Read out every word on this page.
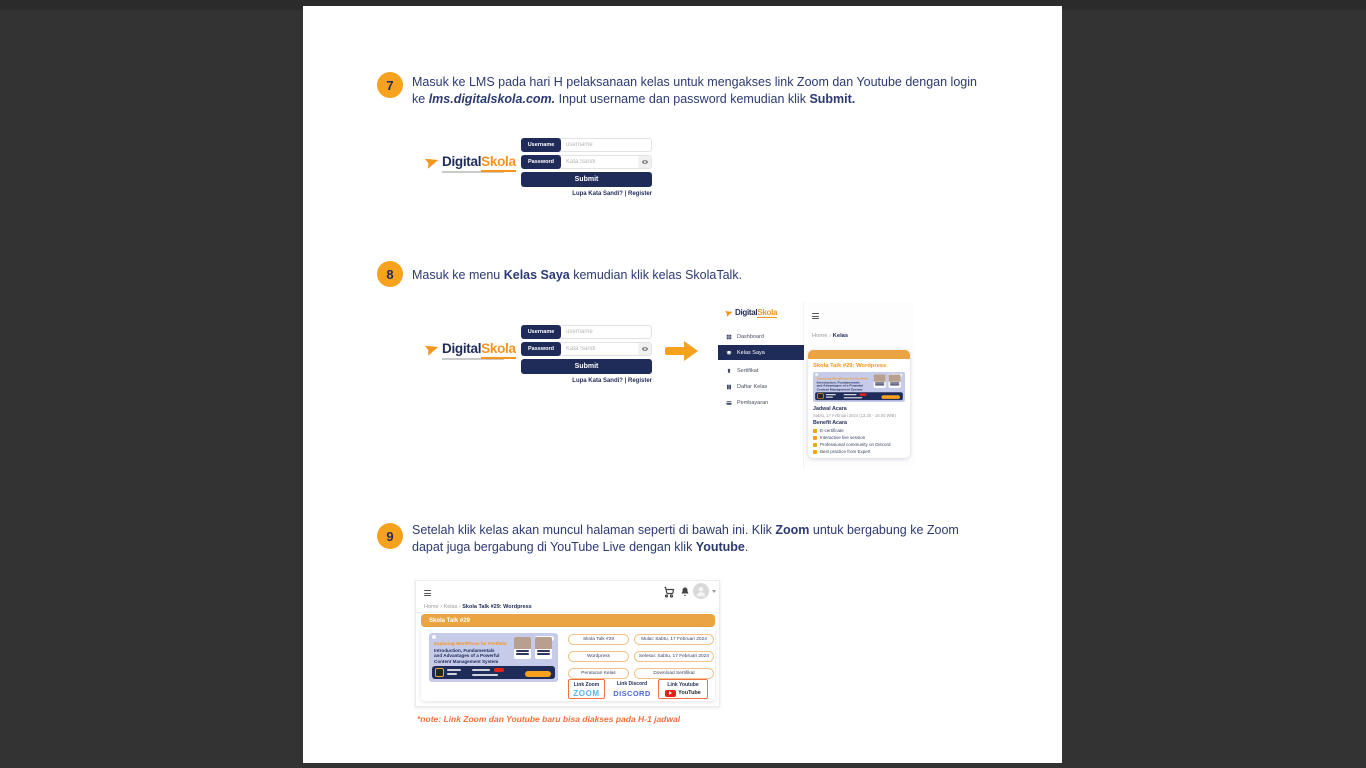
7	Masuk ke LMS pada hari H pelaksanaan kelas untuk mengakses link Zoom dan Youtube dengan login ke lms.digitalskola.com. Input username dan password kemudian klik Submit.
DigitalSkola
Username
username
Password
Kata Sandi
Submit
Lupa Kata Sandi? | Register
8	Masuk ke menu Kelas Saya kemudian klik kelas SkolaTalk.
DigitalSkola
Username
username
Password
Kata Sandi
Submit
Lupa Kata Sandi? | Register
DigitalSkola
Dashboard
Kelas Saya
Sertifikat
Daftar Kelas
Pembayaran
Home › Kelas
Skola Talk #29: Wordpress
Exploring WordPress for Portfolio
Introduction, Fundamentals and Advantages of a Powerful Content Management System
Jadwal Acara
Sabtu, 17 Februari 2024 (13.30 - 16.00 WIB)
Benefit Acara
E-certificate
Interactive live session
Professional community on Discord
Best practice from Expert
9	Setelah klik kelas akan muncul halaman seperti di bawah ini. Klik Zoom untuk bergabung ke Zoom dapat juga bergabung di YouTube Live dengan klik Youtube.
Home › Kelas › Skola Talk #29: Wordpress
Skola Talk #29
Exploring WordPress for Portfolio
Introduction, Fundamentals and Advantages of a Powerful Content Management System
Skola Talk #29
Wordpress
Peraturan Kelas
Mulai: Sabtu, 17 Februari 2024
Selesai: Sabtu, 17 Februari 2024
Download Sertifikat
Link Zoom
ZOOM
Link Discord
DISCORD
Link Youtube
YouTube
*note: Link Zoom dan Youtube baru bisa diakses pada H-1 jadwal
